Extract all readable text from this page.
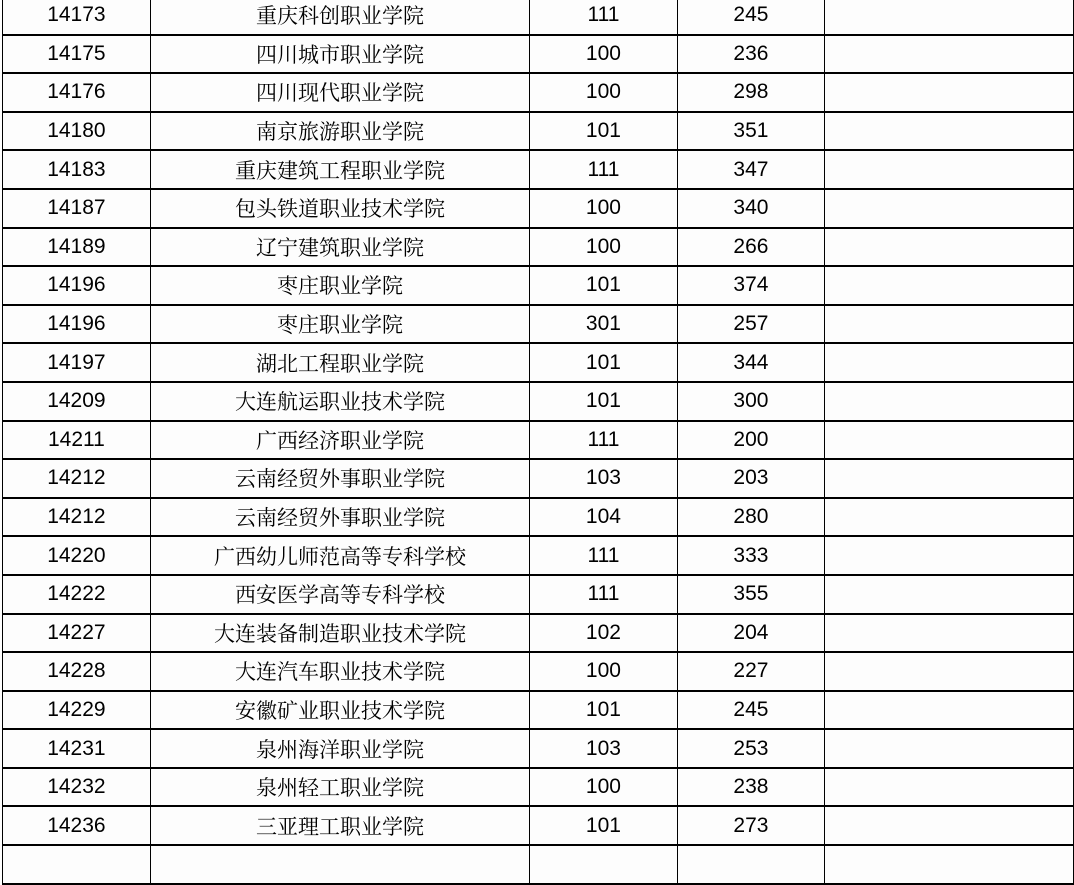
14173	重庆科创职业学院	111	245	
14175	四川城市职业学院	100	236	
14176	四川现代职业学院	100	298	
14180	南京旅游职业学院	101	351	
14183	重庆建筑工程职业学院	111	347	
14187	包头铁道职业技术学院	100	340	
14189	辽宁建筑职业学院	100	266	
14196	枣庄职业学院	101	374	
14196	枣庄职业学院	301	257	
14197	湖北工程职业学院	101	344	
14209	大连航运职业技术学院	101	300	
14211	广西经济职业学院	111	200	
14212	云南经贸外事职业学院	103	203	
14212	云南经贸外事职业学院	104	280	
14220	广西幼儿师范高等专科学校	111	333	
14222	西安医学高等专科学校	111	355	
14227	大连装备制造职业技术学院	102	204	
14228	大连汽车职业技术学院	100	227	
14229	安徽矿业职业技术学院	101	245	
14231	泉州海洋职业学院	103	253	
14232	泉州轻工职业学院	100	238	
14236	三亚理工职业学院	101	273	
